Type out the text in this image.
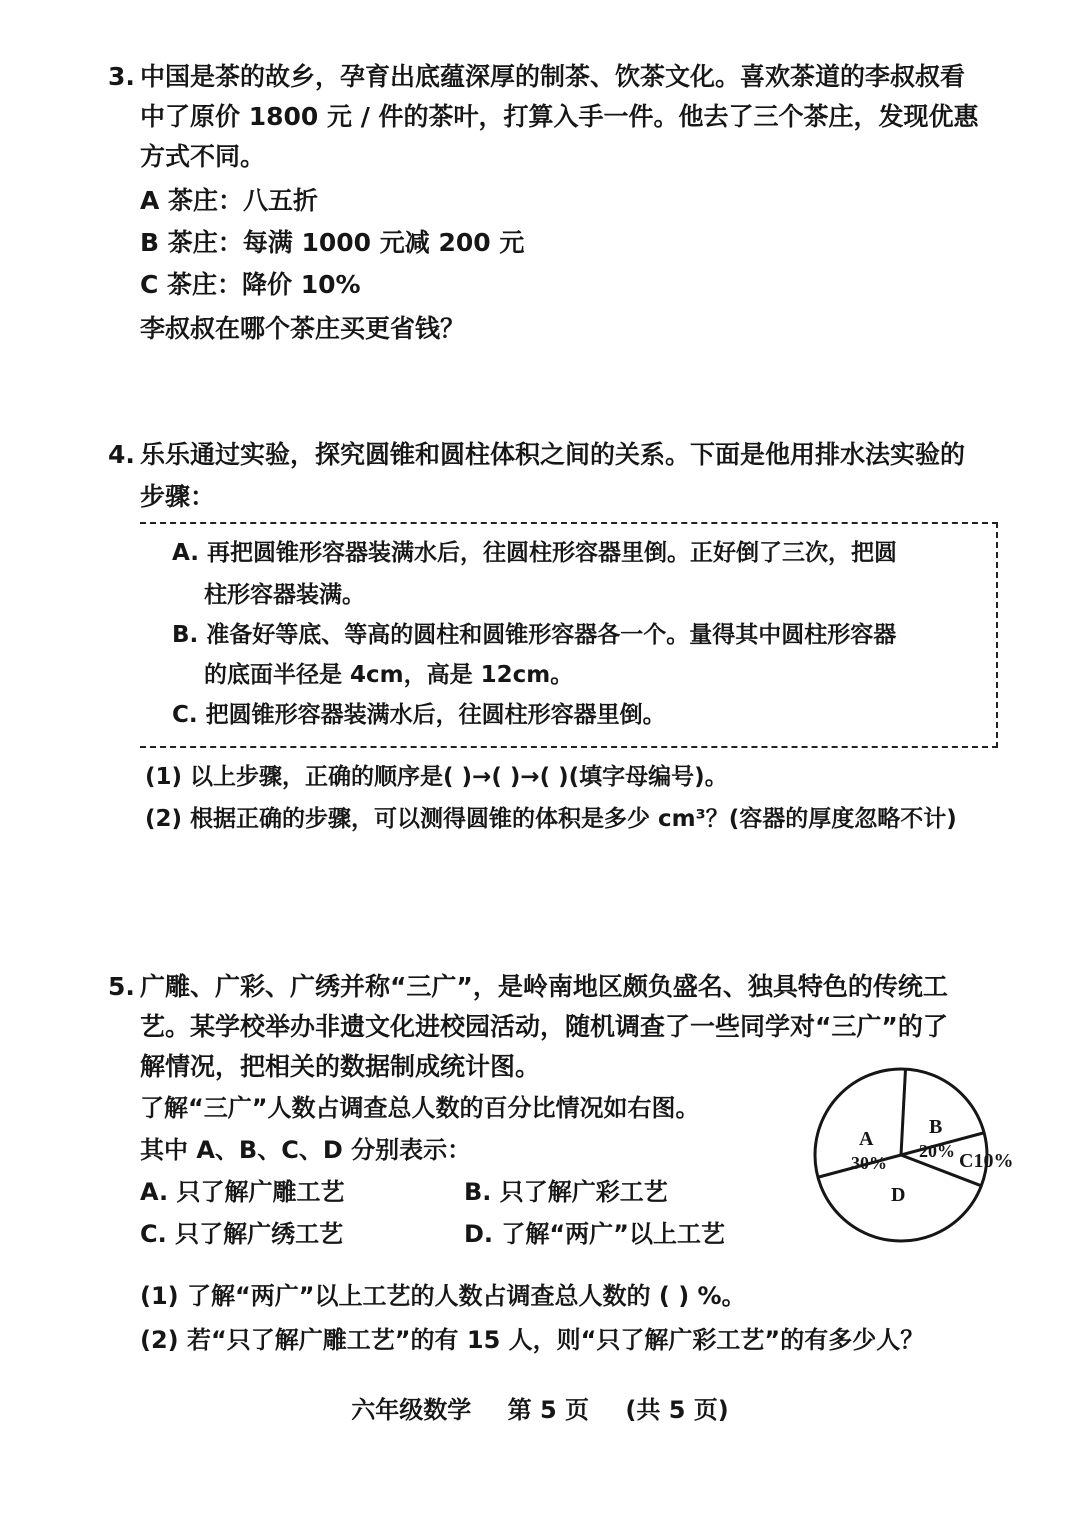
3. 中国是茶的故乡，孕育出底蕴深厚的制茶、饮茶文化。喜欢茶道的李叔叔看
中了原价 1800 元 / 件的茶叶，打算入手一件。他去了三个茶庄，发现优惠
方式不同。
A 茶庄：八五折
B 茶庄：每满 1000 元减 200 元
C 茶庄：降价 10%
李叔叔在哪个茶庄买更省钱？
4. 乐乐通过实验，探究圆锥和圆柱体积之间的关系。下面是他用排水法实验的
步骤：
A. 再把圆锥形容器装满水后，往圆柱形容器里倒。正好倒了三次，把圆
柱形容器装满。
B. 准备好等底、等高的圆柱和圆锥形容器各一个。量得其中圆柱形容器
的底面半径是 4cm，高是 12cm。
C. 把圆锥形容器装满水后，往圆柱形容器里倒。
(1) 以上步骤，正确的顺序是( )→( )→( )(填字母编号)。
(2) 根据正确的步骤，可以测得圆锥的体积是多少 cm³？(容器的厚度忽略不计)
5. 广雕、广彩、广绣并称“三广”，是岭南地区颇负盛名、独具特色的传统工
艺。某学校举办非遗文化进校园活动，随机调查了一些同学对“三广”的了
解情况，把相关的数据制成统计图。
了解“三广”人数占调查总人数的百分比情况如右图。
其中 A、B、C、D 分别表示：
A. 只了解广雕工艺	B. 只了解广彩工艺
C. 只了解广绣工艺	D. 了解“两广”以上工艺
B
20% C10%
D
A
30%
(1) 了解“两广”以上工艺的人数占调查总人数的 ( ) %。
(2) 若“只了解广雕工艺”的有 15 人，则“只了解广彩工艺”的有多少人？
六年级数学 第 5 页 (共 5 页)
